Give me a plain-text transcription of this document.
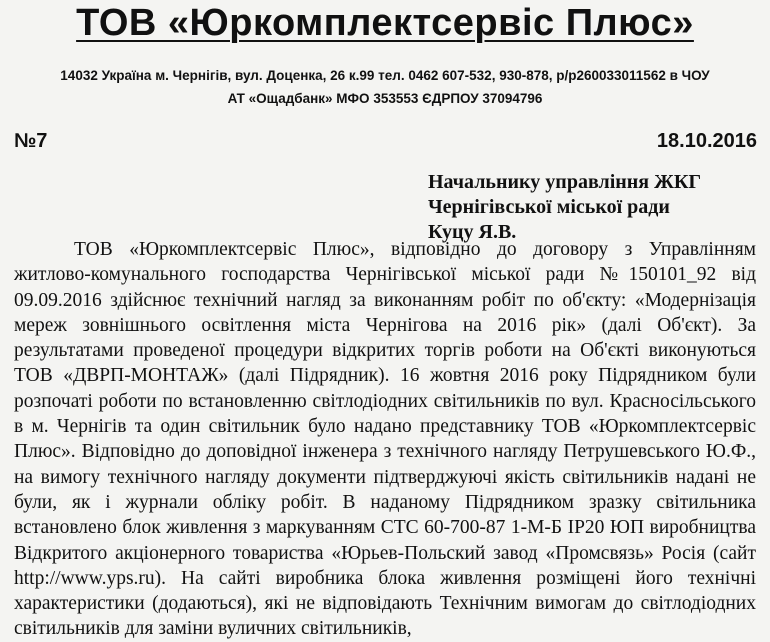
ТОВ «Юркомплектсервіс Плюс»

14032 Україна м. Чернігів, вул. Доценка, 26 к.99 тел. 0462 607-532, 930-878, р/р260033011562 в ЧОУ

АТ «Ощадбанк» МФО 353553 ЄДРПОУ 37094796

№7	18.10.2016

Начальнику управління ЖКГ
Чернігівської міської ради
Куцу Я.В.

ТОВ «Юркомплектсервіс Плюс», відповідно до договору з Управлінням житлово-комунального господарства Чернігівської міської ради №150101_92 від 09.09.2016 здійснює технічний нагляд за виконанням робіт по об'єкту: «Модернізація мереж зовнішнього освітлення міста Чернігова на 2016 рік» (далі Об'єкт). За результатами проведеної процедури відкритих торгів роботи на Об'єкті виконуються ТОВ «ДВРП-МОНТАЖ» (далі Підрядник). 16 жовтня 2016 року Підрядником були розпочаті роботи по встановленню світлодіодних світильників по вул. Красносільського в м. Чернігів та один світильник було надано представнику ТОВ «Юркомплектсервіс Плюс». Відповідно до доповідної інженера з технічного нагляду Петрушевського Ю.Ф., на вимогу технічного нагляду документи підтверджуючі якість світильників надані не були, як і журнали обліку робіт. В наданому Підрядником зразку світильника встановлено блок живлення з маркуванням СТС 60-700-87 1-М-Б IP20 ЮП виробництва Відкритого акціонерного товариства «Юрьев-Польский завод «Промсвязь» Росія (сайт http://www.yps.ru). На сайті виробника блока живлення розміщені його технічні характеристики (додаються), які не відповідають Технічним вимогам до світлодіодних світильників для заміни вуличних світильників,
